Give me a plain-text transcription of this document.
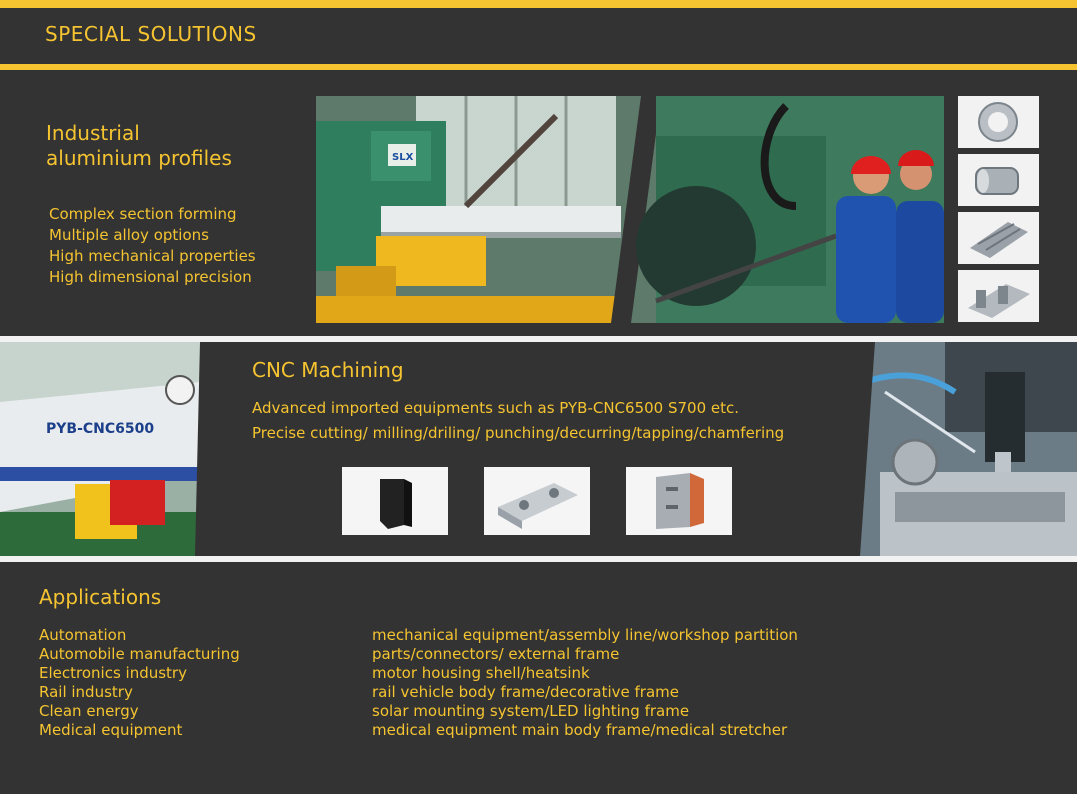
SPECIAL SOLUTIONS
Industrial
aluminium profiles
Complex section forming
Multiple alloy options
High mechanical properties
High dimensional precision
SLX
PYB-CNC6500
CNC Machining
Advanced imported equipments such as PYB-CNC6500 S700 etc.
Precise cutting/ milling/driling/ punching/decurring/tapping/chamfering
Applications
Automation
Automobile manufacturing
Electronics industry
Rail industry
Clean energy
Medical equipment
mechanical equipment/assembly line/workshop partition
parts/connectors/ external frame
motor housing shell/heatsink
rail vehicle body frame/decorative frame
solar mounting system/LED lighting frame
medical equipment main body frame/medical stretcher
